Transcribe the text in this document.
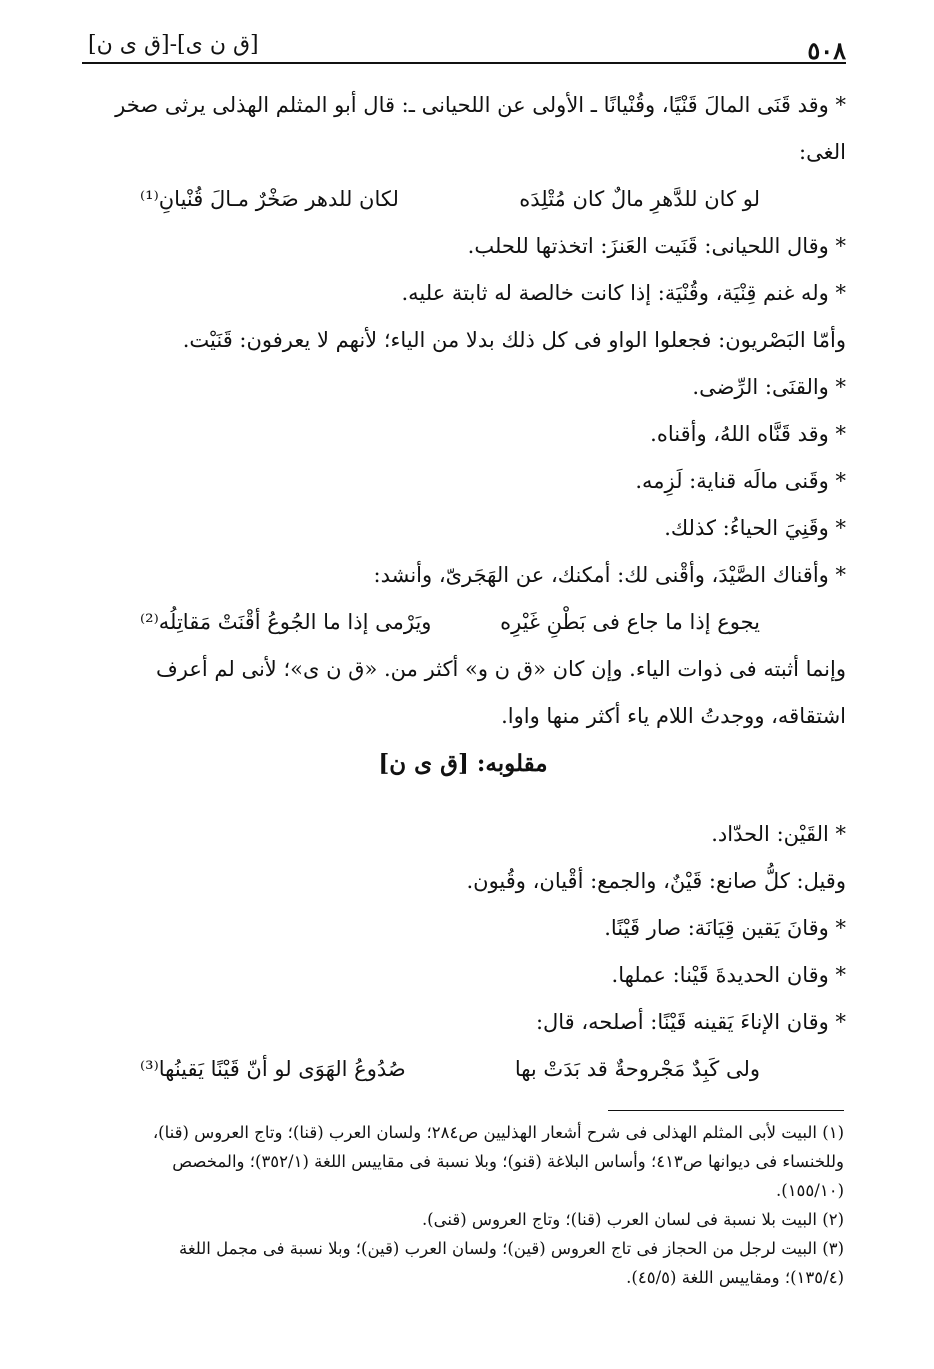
[ق ن ى]-[ق ى ن]	٥٠٨
* وقد قَنَى المالَ قَنْيًا، وقُنْيانًا ـ الأولى عن اللحيانى ـ: قال أبو المثلم الهذلى يرثى صخر
الغى:
لو كان للدَّهرِ مالٌ كان مُتْلِدَه
لكان للدهر صَخْرٌ مـالَ قُنْيانِ⁽¹⁾
* وقال اللحيانى: قَنَيت العَنزَ: اتخذتها للحلب.
* وله غنم قِنْيَة، وقُنْيَة: إذا كانت خالصة له ثابتة عليه.
وأمّا البَصْريون: فجعلوا الواو فى كل ذلك بدلا من الياء؛ لأنهم لا يعرفون: قَنَيْت.
* والقنَى: الرِّضى.
* وقد قَنَّاه اللهُ، وأقناه.
* وقَنى مالَه قناية: لَزِمه.
* وقَنِيَ الحياءُ: كذلك.
* وأقناك الصَّيْدَ، وأقْنى لك: أمكنك، عن الهَجَرىّ، وأنشد:
يجوع إذا ما جاع فى بَطْنِ غَيْرِه
ويَرْمى إذا ما الجُوعُ أقْنَتْ مَقاتِلُه⁽²⁾
وإنما أثبته فى ذوات الياء. وإن كان «ق ن و» أكثر من. «ق ن ى»؛ لأنى لم أعرف
اشتقاقه، ووجدتُ اللام ياء أكثر منها واوا.
مقلوبه: [ق ى ن]
* القَيْن: الحدّاد.
وقيل: كلُّ صانع: قَيْنٌ، والجمع: أقْيان، وقُيون.
* وقانَ يَقين قِيَانَة: صار قَيْنًا.
* وقان الحديدةَ قَيْنا: عملها.
* وقان الإناءَ يَقينه قَيْنًا: أصلحه، قال:
ولى كَبِدٌ مَجْروحةٌ قد بَدَتْ بها
صُدُوعُ الهَوَى لو أنّ قَيْنًا يَقينُها⁽³⁾
(١) البيت لأبى المثلم الهذلى فى شرح أشعار الهذليين ص٢٨٤؛ ولسان العرب (قنا)؛ وتاج العروس (قنا)،
وللخنساء فى ديوانها ص٤١٣؛ وأساس البلاغة (قنو)؛ وبلا نسبة فى مقاييس اللغة (٣٥٢/١)؛ والمخصص
(١٥٥/١٠).
(٢) البيت بلا نسبة فى لسان العرب (قنا)؛ وتاج العروس (قنى).
(٣) البيت لرجل من الحجاز فى تاج العروس (قين)؛ ولسان العرب (قين)؛ وبلا نسبة فى مجمل اللغة
(١٣٥/٤)؛ ومقاييس اللغة (٤٥/٥).
